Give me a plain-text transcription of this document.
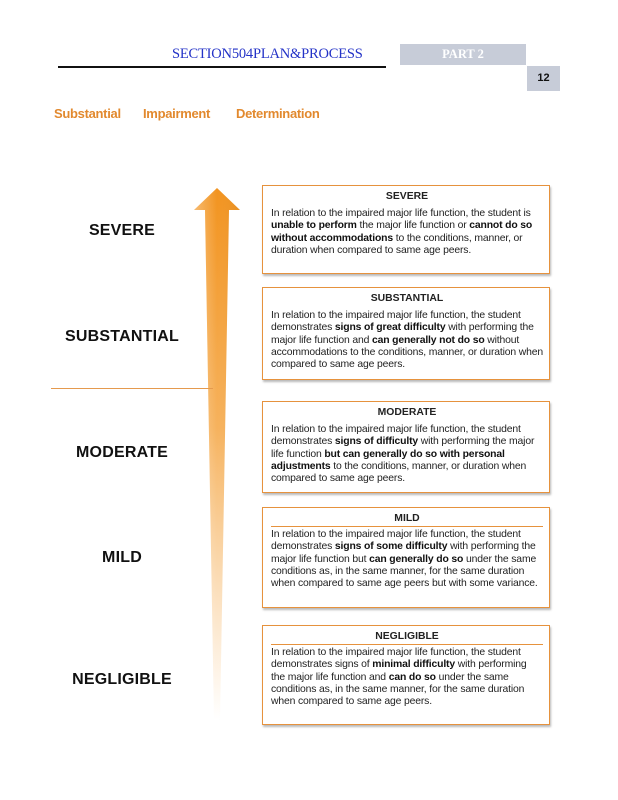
SECTION504PLAN&PROCESS	PART 2
12
Substantial Impairment Determination
SEVERE
SUBSTANTIAL
MODERATE
MILD
NEGLIGIBLE
SEVERE
In relation to the impaired major life function, the student is unable to perform the major life function or cannot do so without accommodations to the conditions, manner, or duration when compared to same age peers.
SUBSTANTIAL
In relation to the impaired major life function, the student demonstrates signs of great difficulty with performing the major life function and can generally not do so without accommodations to the conditions, manner, or duration when compared to same age peers.
MODERATE
In relation to the impaired major life function, the student demonstrates signs of difficulty with performing the major life function but can generally do so with personal adjustments to the conditions, manner, or duration when compared to same age peers.
MILD
In relation to the impaired major life function, the student demonstrates signs of some difficulty with performing the major life function but can generally do so under the same conditions as, in the same manner, for the same duration when compared to same age peers but with some variance.
NEGLIGIBLE
In relation to the impaired major life function, the student demonstrates signs of minimal difficulty with performing the major life function and can do so under the same conditions as, in the same manner, for the same duration when compared to same age peers.
